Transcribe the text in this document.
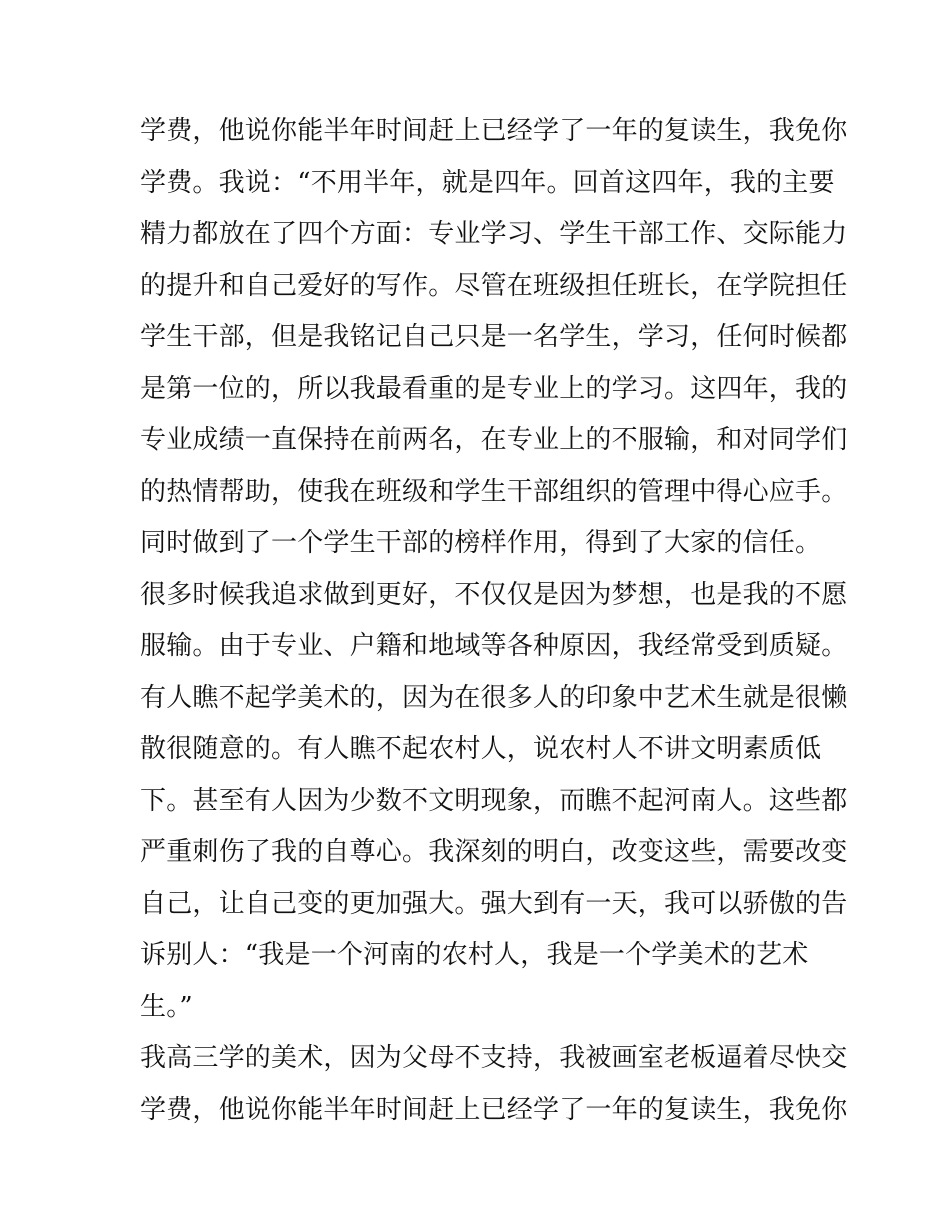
学费，他说你能半年时间赶上已经学了一年的复读生，我免你
学费。我说：“不用半年，就是四年。回首这四年，我的主要
精力都放在了四个方面：专业学习、学生干部工作、交际能力
的提升和自己爱好的写作。尽管在班级担任班长，在学院担任
学生干部，但是我铭记自己只是一名学生，学习，任何时候都
是第一位的，所以我最看重的是专业上的学习。这四年，我的
专业成绩一直保持在前两名，在专业上的不服输，和对同学们
的热情帮助，使我在班级和学生干部组织的管理中得心应手。
同时做到了一个学生干部的榜样作用，得到了大家的信任。
很多时候我追求做到更好，不仅仅是因为梦想，也是我的不愿
服输。由于专业、户籍和地域等各种原因，我经常受到质疑。
有人瞧不起学美术的，因为在很多人的印象中艺术生就是很懒
散很随意的。有人瞧不起农村人，说农村人不讲文明素质低
下。甚至有人因为少数不文明现象，而瞧不起河南人。这些都
严重刺伤了我的自尊心。我深刻的明白，改变这些，需要改变
自己，让自己变的更加强大。强大到有一天，我可以骄傲的告
诉别人：“我是一个河南的农村人，我是一个学美术的艺术
生。”
我高三学的美术，因为父母不支持，我被画室老板逼着尽快交
学费，他说你能半年时间赶上已经学了一年的复读生，我免你
